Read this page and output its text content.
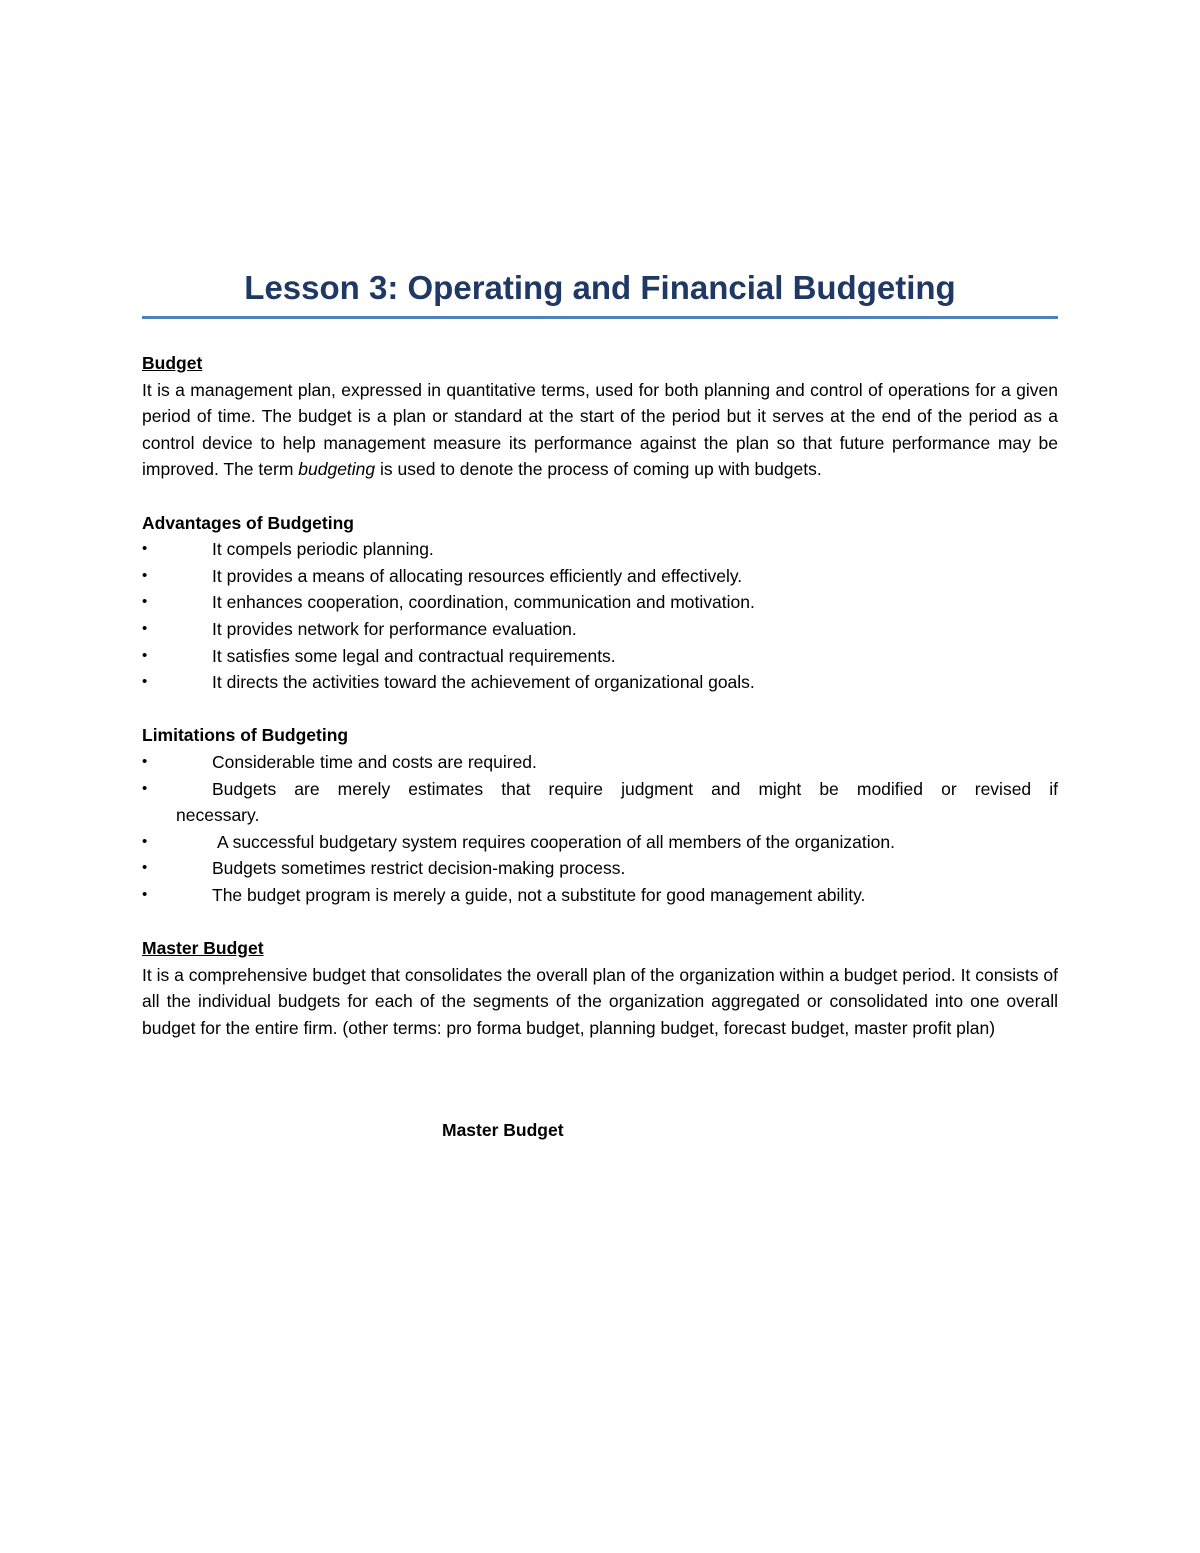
Lesson 3: Operating and Financial Budgeting

Budget

It is a management plan, expressed in quantitative terms, used for both planning and control of operations for a given period of time. The budget is a plan or standard at the start of the period but it serves at the end of the period as a control device to help management measure its performance against the plan so that future performance may be improved. The term budgeting is used to denote the process of coming up with budgets.

Advantages of Budgeting

•	It compels periodic planning.
•	It provides a means of allocating resources efficiently and effectively.
•	It enhances cooperation, coordination, communication and motivation.
•	It provides network for performance evaluation.
•	It satisfies some legal and contractual requirements.
•	It directs the activities toward the achievement of organizational goals.

Limitations of Budgeting

•	Considerable time and costs are required.
•	Budgets are merely estimates that require judgment and might be modified or revised if
necessary.
•	A successful budgetary system requires cooperation of all members of the organization.
•	Budgets sometimes restrict decision-making process.
•	The budget program is merely a guide, not a substitute for good management ability.

Master Budget

It is a comprehensive budget that consolidates the overall plan of the organization within a budget period. It consists of all the individual budgets for each of the segments of the organization aggregated or consolidated into one overall budget for the entire firm. (other terms: pro forma budget, planning budget, forecast budget, master profit plan)

Master Budget
